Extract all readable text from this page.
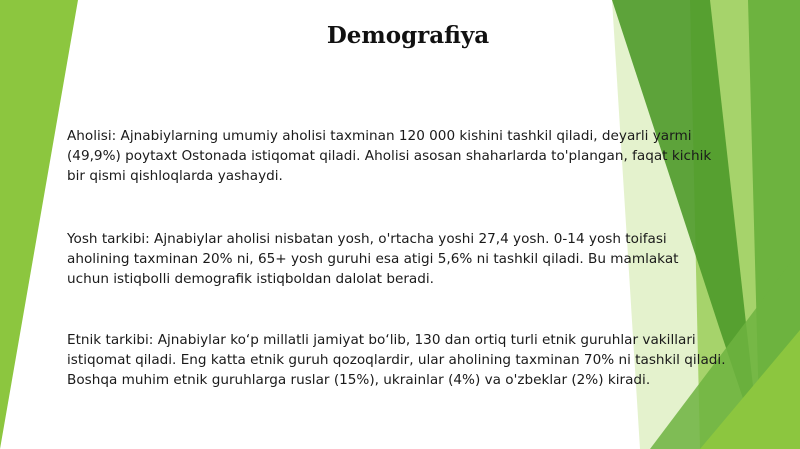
Demografiya
Aholisi: Ajnabiylarning umumiy aholisi taxminan 120 000 kishini tashkil qiladi, deyarli yarmi
(49,9%) poytaxt Ostonada istiqomat qiladi. Aholisi asosan shaharlarda to'plangan, faqat kichik
bir qismi qishloqlarda yashaydi.
Yosh tarkibi: Ajnabiylar aholisi nisbatan yosh, o'rtacha yoshi 27,4 yosh. 0-14 yosh toifasi
aholining taxminan 20% ni, 65+ yosh guruhi esa atigi 5,6% ni tashkil qiladi. Bu mamlakat
uchun istiqbolli demografik istiqboldan dalolat beradi.
Etnik tarkibi: Ajnabiylar ko‘p millatli jamiyat bo‘lib, 130 dan ortiq turli etnik guruhlar vakillari
istiqomat qiladi. Eng katta etnik guruh qozoqlardir, ular aholining taxminan 70% ni tashkil qiladi.
Boshqa muhim etnik guruhlarga ruslar (15%), ukrainlar (4%) va o'zbeklar (2%) kiradi.
